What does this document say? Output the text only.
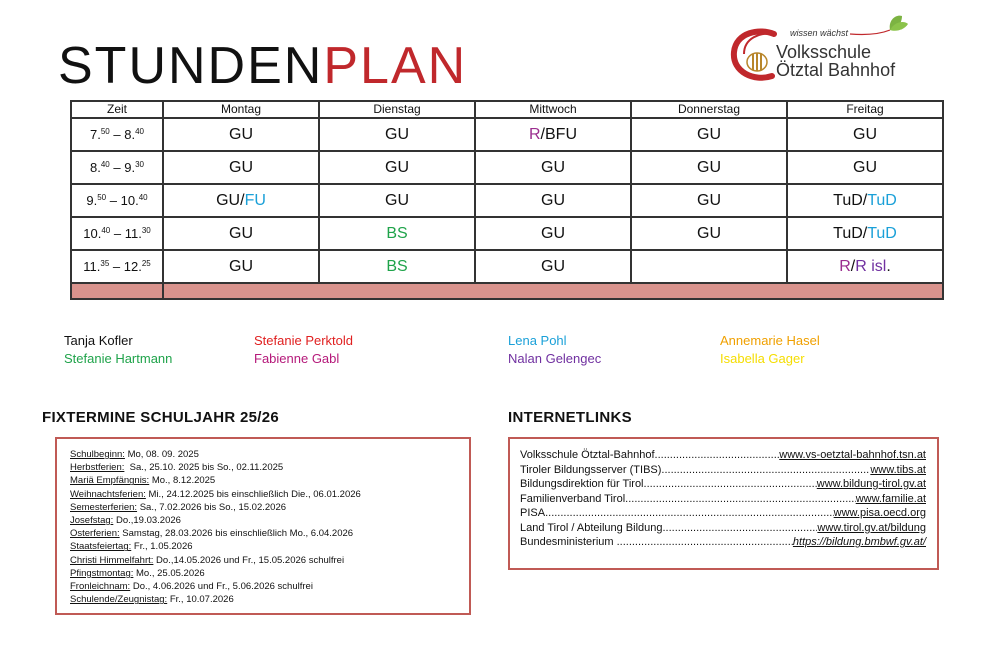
STUNDENPLAN
wissen wächst
Volksschule
Ötztal Bahnhof
Zeit	Montag	Dienstag	Mittwoch	Donnerstag	Freitag
7.50 – 8.40	GU	GU	R/BFU	GU	GU
8.40 – 9.30	GU	GU	GU	GU	GU
9.50 – 10.40	GU/FU	GU	GU	GU	TuD/TuD
10.40 – 11.30	GU	BS	GU	GU	TuD/TuD
11.35 – 12.25	GU	BS	GU		R/R isl.

Tanja Kofler
Stefanie Hartmann
Stefanie Perktold
Fabienne Gabl
Lena Pohl
Nalan Gelengec
Annemarie Hasel
Isabella Gager
FIXTERMINE SCHULJAHR 25/26	INTERNETLINKS
Schulbeginn: Mo, 08. 09. 2025
Herbstferien:  Sa., 25.10. 2025 bis So., 02.11.2025
Mariä Empfängnis: Mo., 8.12.2025
Weihnachtsferien: Mi., 24.12.2025 bis einschließlich Die., 06.01.2026
Semesterferien: Sa., 7.02.2026 bis So., 15.02.2026
Josefstag: Do.,19.03.2026
Osterferien: Samstag, 28.03.2026 bis einschließlich Mo., 6.04.2026
Staatsfeiertag: Fr., 1.05.2026
Christi Himmelfahrt: Do.,14.05.2026 und Fr., 15.05.2026 schulfrei
Pfingstmontag: Mo., 25.05.2026
Fronleichnam: Do., 4.06.2026 und Fr., 5.06.2026 schulfrei
Schulende/Zeugnistag: Fr., 10.07.2026
Volksschule Ötztal-Bahnhof .....	www.vs-oetztal-bahnhof.tsn.at
Tiroler Bildungsserver (TIBS) .....	www.tibs.at
Bildungsdirektion für Tirol .....	www.bildung-tirol.gv.at
Familienverband Tirol .....	www.familie.at
PISA .....	www.pisa.oecd.org
Land Tirol / Abteilung Bildung .....	www.tirol.gv.at/bildung
Bundesministerium .....	https://bildung.bmbwf.gv.at/
